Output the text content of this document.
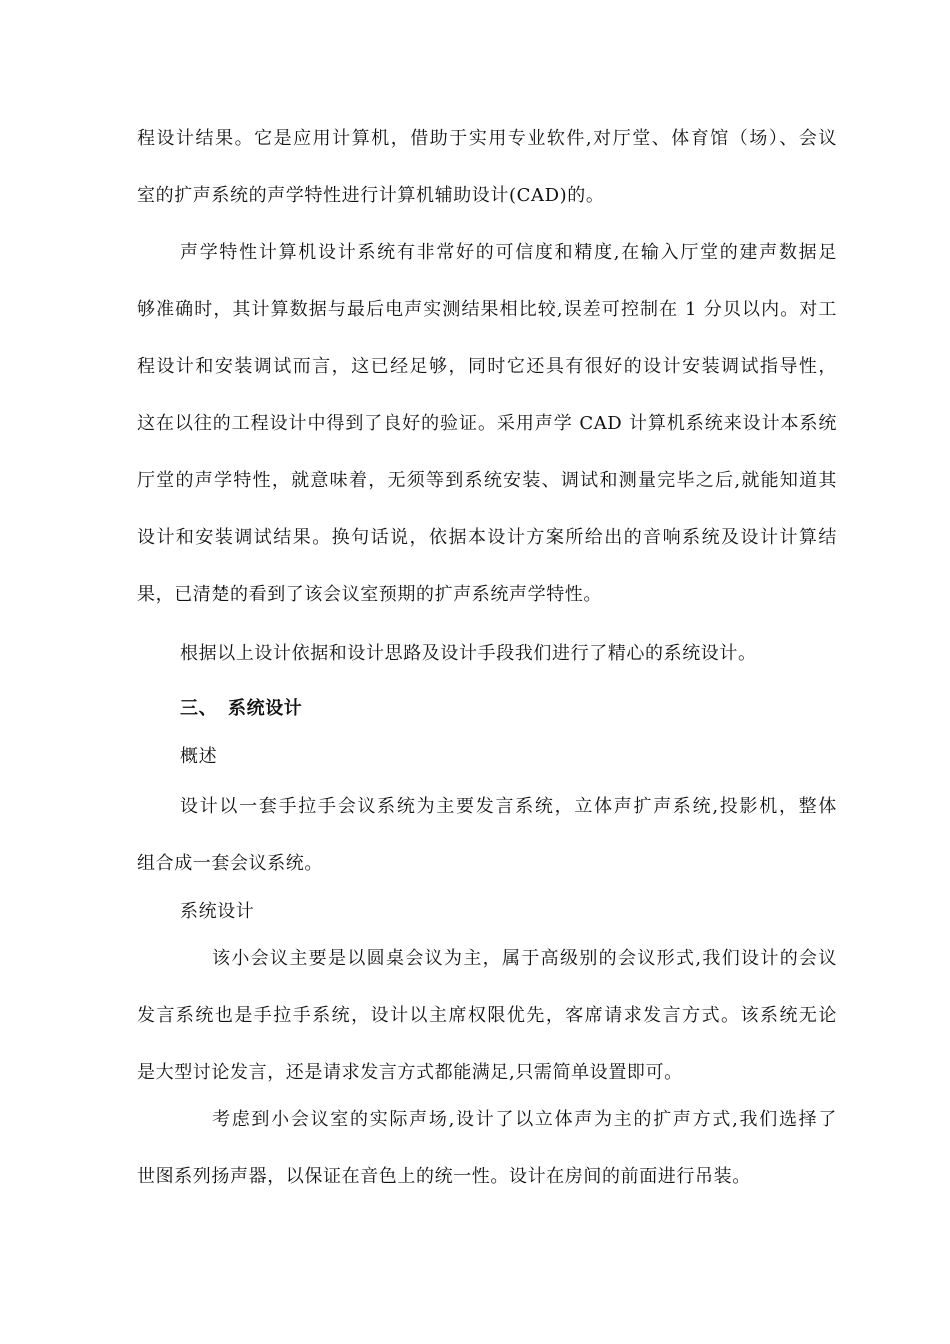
程设计结果。它是应用计算机，借助于实用专业软件,对厅堂、体育馆（场）、会议
室的扩声系统的声学特性进行计算机辅助设计(CAD)的。
声学特性计算机设计系统有非常好的可信度和精度,在输入厅堂的建声数据足
够准确时，其计算数据与最后电声实测结果相比较,误差可控制在 1 分贝以内。对工
程设计和安装调试而言，这已经足够，同时它还具有很好的设计安装调试指导性，
这在以往的工程设计中得到了良好的验证。采用声学 CAD 计算机系统来设计本系统
厅堂的声学特性，就意味着，无须等到系统安装、调试和测量完毕之后,就能知道其
设计和安装调试结果。换句话说，依据本设计方案所给出的音响系统及设计计算结
果，已清楚的看到了该会议室预期的扩声系统声学特性。
根据以上设计依据和设计思路及设计手段我们进行了精心的系统设计。
三、 系统设计
概述
设计以一套手拉手会议系统为主要发言系统，立体声扩声系统,投影机，整体
组合成一套会议系统。
系统设计
该小会议主要是以圆桌会议为主，属于高级别的会议形式,我们设计的会议
发言系统也是手拉手系统，设计以主席权限优先，客席请求发言方式。该系统无论
是大型讨论发言，还是请求发言方式都能满足,只需简单设置即可。
考虑到小会议室的实际声场,设计了以立体声为主的扩声方式,我们选择了
世图系列扬声器，以保证在音色上的统一性。设计在房间的前面进行吊装。
